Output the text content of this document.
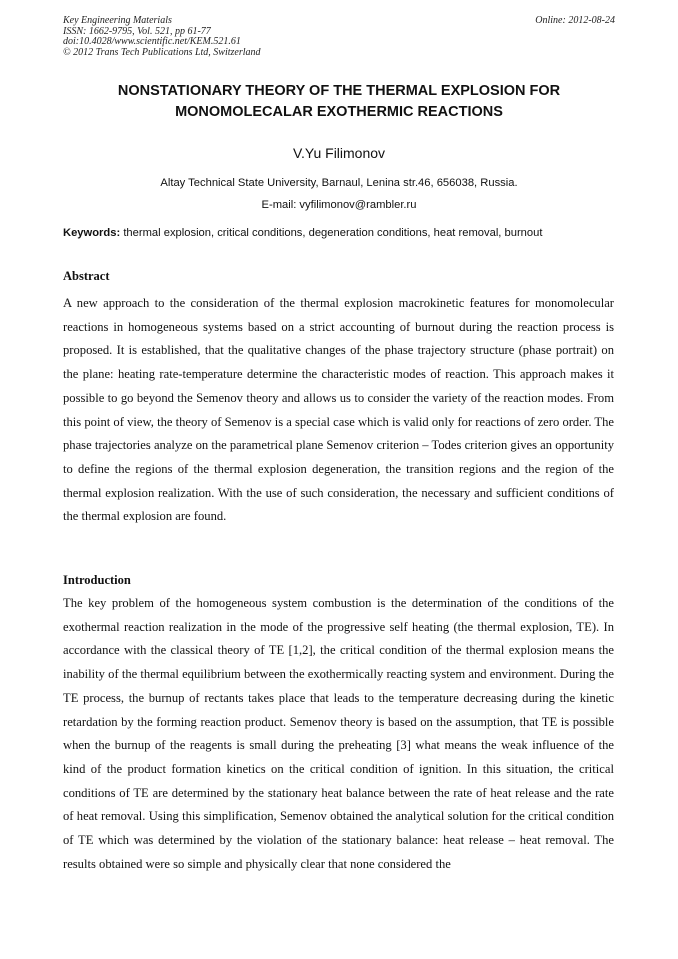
Key Engineering Materials
ISSN: 1662-9795, Vol. 521, pp 61-77
doi:10.4028/www.scientific.net/KEM.521.61
© 2012 Trans Tech Publications Ltd, Switzerland
Online: 2012-08-24
NONSTATIONARY THEORY OF THE THERMAL EXPLOSION FOR
MONOMOLECALAR EXOTHERMIC REACTIONS
V.Yu Filimonov
Altay Technical State University, Barnaul, Lenina str.46, 656038, Russia.
E-mail: vyfilimonov@rambler.ru
Keywords: thermal explosion, critical conditions, degeneration conditions, heat removal, burnout
Abstract
A new approach to the consideration of the thermal explosion macrokinetic features for monomolecular reactions in homogeneous systems based on a strict accounting of burnout during the reaction process is proposed. It is established, that the qualitative changes of the phase trajectory structure (phase portrait) on the plane: heating rate-temperature determine the characteristic modes of reaction. This approach makes it possible to go beyond the Semenov theory and allows us to consider the variety of the reaction modes. From this point of view, the theory of Semenov is a special case which is valid only for reactions of zero order. The phase trajectories analyze on the parametrical plane Semenov criterion – Todes criterion gives an opportunity to define the regions of the thermal explosion degeneration, the transition regions and the region of the thermal explosion realization. With the use of such consideration, the necessary and sufficient conditions of the thermal explosion are found.
Introduction
The key problem of the homogeneous system combustion is the determination of the conditions of the exothermal reaction realization in the mode of the progressive self heating (the thermal explosion, TE). In accordance with the classical theory of TE [1,2], the critical condition of the thermal explosion means the inability of the thermal equilibrium between the exothermically reacting system and environment. During the TE process, the burnup of rectants takes place that leads to the temperature decreasing during the kinetic retardation by the forming reaction product. Semenov theory is based on the assumption, that TE is possible when the burnup of the reagents is small during the preheating [3] what means the weak influence of the kind of the product formation kinetics on the critical condition of ignition. In this situation, the critical conditions of TE are determined by the stationary heat balance between the rate of heat release and the rate of heat removal. Using this simplification, Semenov obtained the analytical solution for the critical condition of TE which was determined by the violation of the stationary balance: heat release – heat removal. The results obtained were so simple and physically clear that none considered the
